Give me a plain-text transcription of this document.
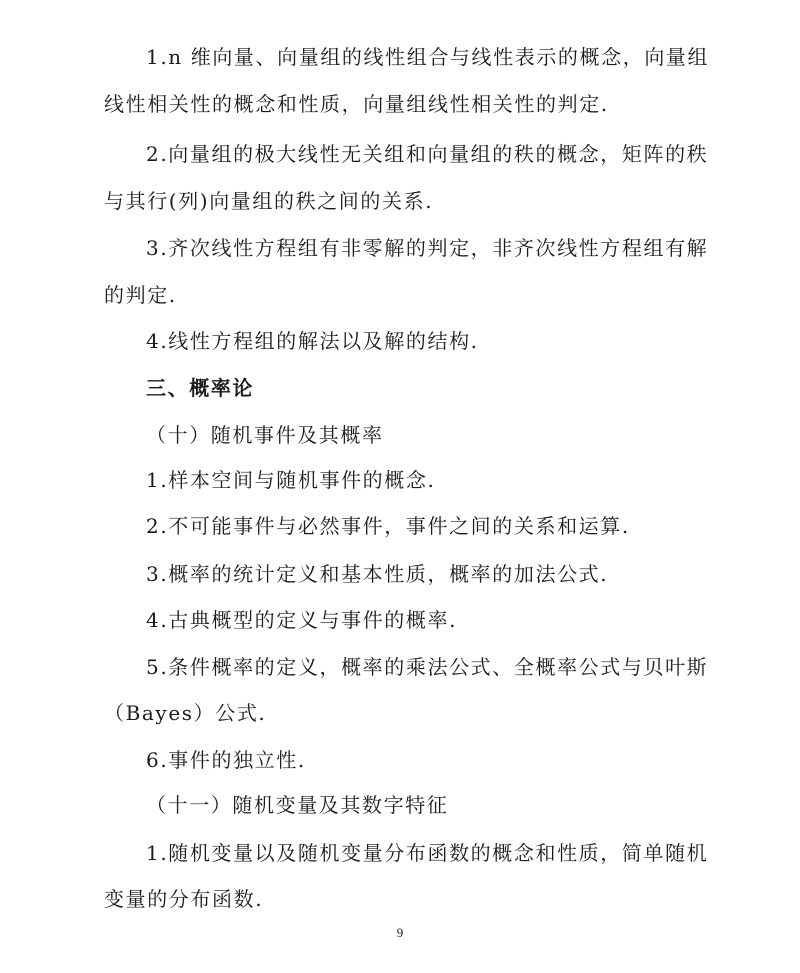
1.n 维向量、向量组的线性组合与线性表示的概念，向量组
线性相关性的概念和性质，向量组线性相关性的判定.
2.向量组的极大线性无关组和向量组的秩的概念，矩阵的秩
与其行(列)向量组的秩之间的关系.
3.齐次线性方程组有非零解的判定，非齐次线性方程组有解
的判定.
4.线性方程组的解法以及解的结构.
三、概率论
（十）随机事件及其概率
1.样本空间与随机事件的概念.
2.不可能事件与必然事件，事件之间的关系和运算.
3.概率的统计定义和基本性质，概率的加法公式.
4.古典概型的定义与事件的概率.
5.条件概率的定义，概率的乘法公式、全概率公式与贝叶斯
（Bayes）公式.
6.事件的独立性.
（十一）随机变量及其数字特征
1.随机变量以及随机变量分布函数的概念和性质，简单随机
变量的分布函数.
9
